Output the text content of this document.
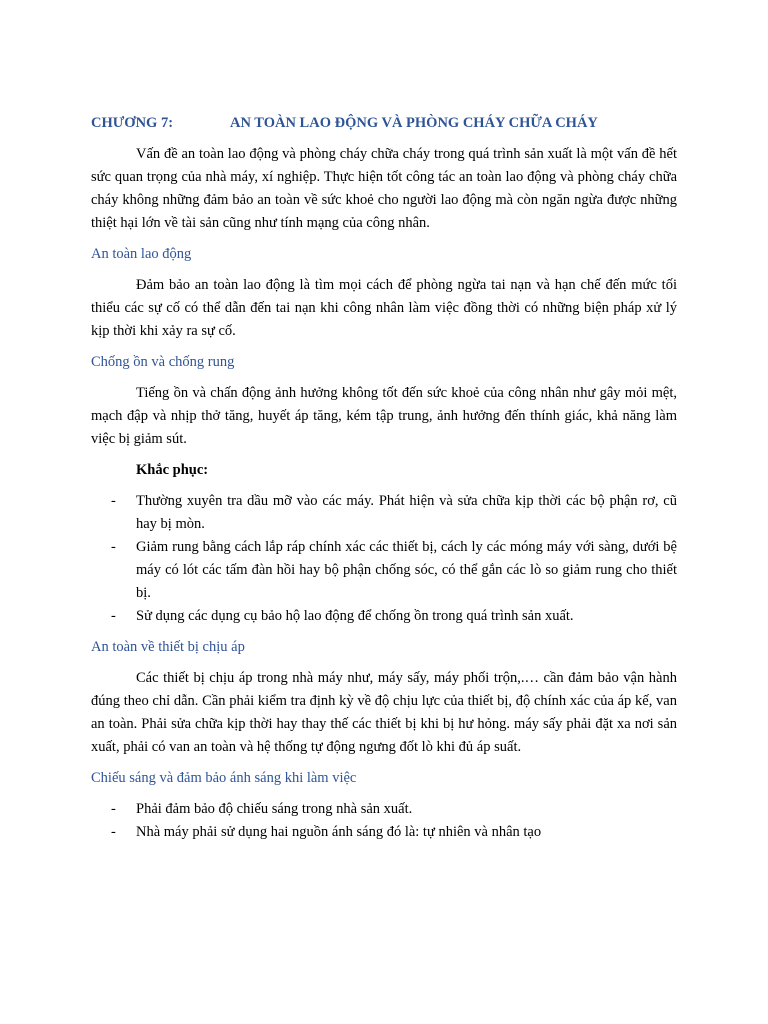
CHƯƠNG 7:	AN TOÀN LAO ĐỘNG VÀ PHÒNG CHÁY CHỮA CHÁY

Vấn đề an toàn lao động và phòng cháy chữa cháy trong quá trình sản xuất là một vấn đề hết sức quan trọng của nhà máy, xí nghiệp. Thực hiện tốt công tác an toàn lao động và phòng cháy chữa cháy không những đảm bảo an toàn về sức khoẻ cho người lao động mà còn ngăn ngừa được những thiệt hại lớn về tài sản cũng như tính mạng của công nhân.

An toàn lao động

Đảm bảo an toàn lao động là tìm mọi cách để phòng ngừa tai nạn và hạn chế đến mức tối thiểu các sự cố có thể dẫn đến tai nạn khi công nhân làm việc đồng thời có những biện pháp xử lý kịp thời khi xảy ra sự cố.

Chống ồn và chống rung

Tiếng ồn và chấn động ảnh hưởng không tốt đến sức khoẻ của công nhân như gây mỏi mệt, mạch đập và nhịp thở tăng, huyết áp tăng, kém tập trung, ảnh hưởng đến thính giác, khả năng làm việc bị giảm sút.

Khắc phục:
- Thường xuyên tra dầu mỡ vào các máy. Phát hiện và sửa chữa kịp thời các bộ phận rơ, cũ hay bị mòn.
- Giảm rung bằng cách lắp ráp chính xác các thiết bị, cách ly các móng máy với sàng, dưới bệ máy có lót các tấm đàn hồi hay bộ phận chống sóc, có thể gắn các lò so giảm rung cho thiết bị.
- Sử dụng các dụng cụ bảo hộ lao động để chống ồn trong quá trình sản xuất.
An toàn về thiết bị chịu áp

Các thiết bị chịu áp trong nhà máy như, máy sấy, máy phối trộn,.… cần đảm bảo vận hành đúng theo chỉ dẫn. Cần phải kiểm tra định kỳ về độ chịu lực của thiết bị, độ chính xác của áp kế, van an toàn. Phải sửa chữa kịp thời hay thay thế các thiết bị khi bị hư hỏng. máy sấy phải đặt xa nơi sản xuất, phải có van an toàn và hệ thống tự động ngưng đốt lò khi đủ áp suất.

Chiếu sáng và đảm bảo ánh sáng khi làm việc
- Phải đảm bảo độ chiếu sáng trong nhà sản xuất.
- Nhà máy phải sử dụng hai nguồn ánh sáng đó là: tự nhiên và nhân tạo
